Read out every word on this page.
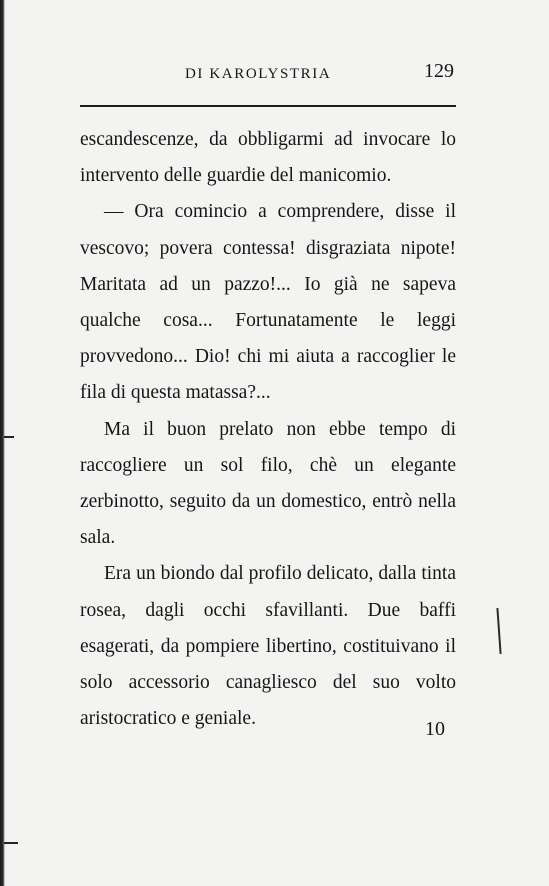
DI KAROLYSTRIA	129

escandescenze, da obbligarmi ad invocare lo intervento delle guardie del manicomio.

— Ora comincio a comprendere, disse il vescovo; povera contessa! disgraziata nipote! Maritata ad un pazzo!... Io già ne sapeva qualche cosa... Fortunatamente le leggi provvedono... Dio! chi mi aiuta a raccoglier le fila di questa matassa?...

Ma il buon prelato non ebbe tempo di raccogliere un sol filo, chè un elegante zerbinotto, seguito da un domestico, entrò nella sala.

Era un biondo dal profilo delicato, dalla tinta rosea, dagli occhi sfavillanti. Due baffi esagerati, da pompiere libertino, costituivano il solo accessorio canagliesco del suo volto aristocratico e geniale.	10
